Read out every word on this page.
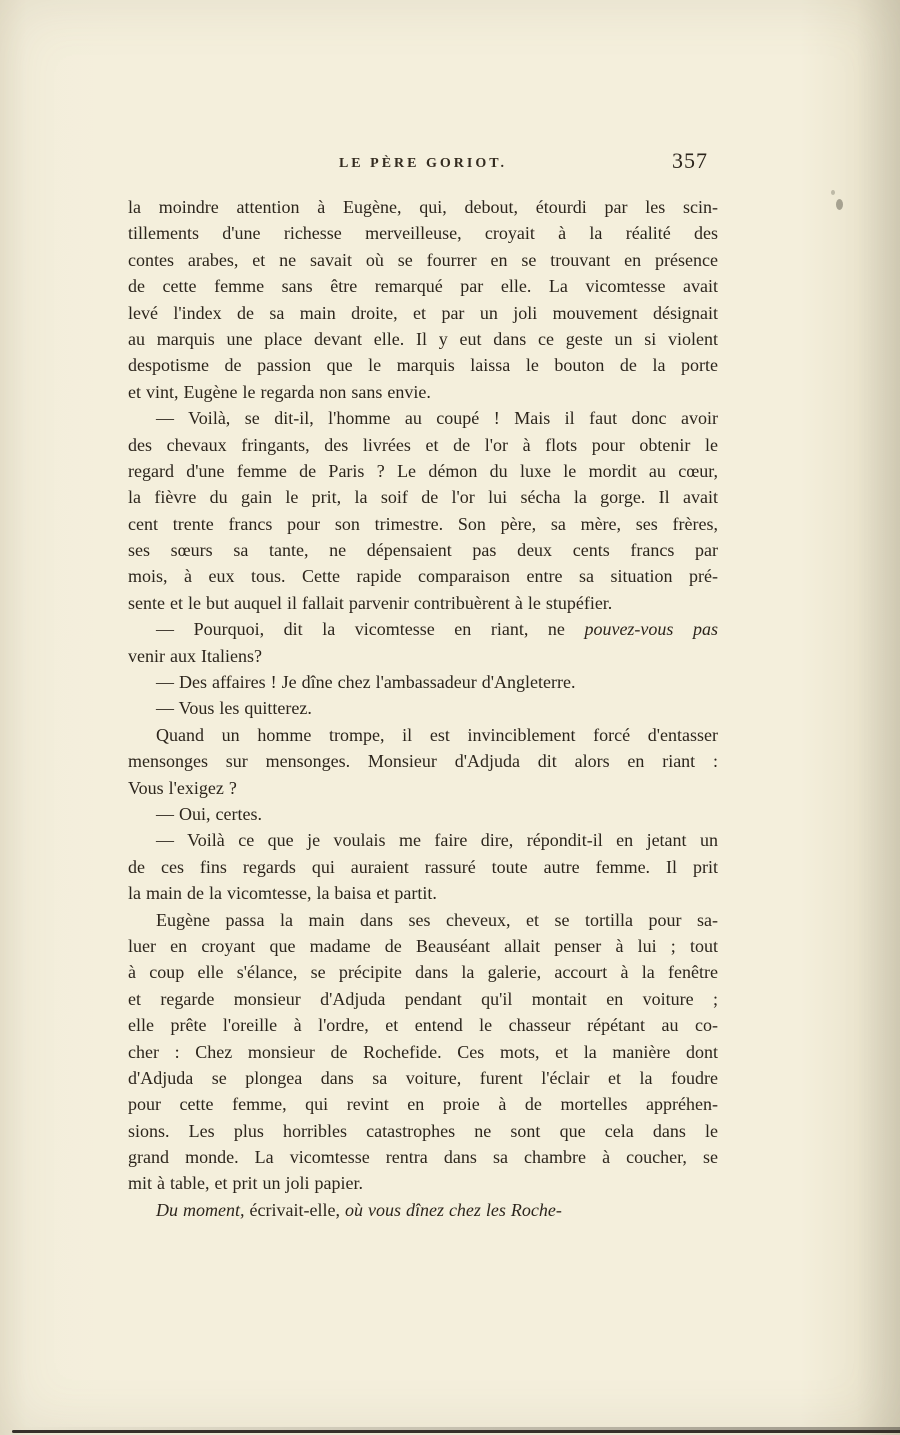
LE PÈRE GORIOT.	357
la moindre attention à Eugène, qui, debout, étourdi par les scin-
tillements d'une richesse merveilleuse, croyait à la réalité des
contes arabes, et ne savait où se fourrer en se trouvant en présence
de cette femme sans être remarqué par elle. La vicomtesse avait
levé l'index de sa main droite, et par un joli mouvement désignait
au marquis une place devant elle. Il y eut dans ce geste un si violent
despotisme de passion que le marquis laissa le bouton de la porte
et vint, Eugène le regarda non sans envie.
— Voilà, se dit-il, l'homme au coupé ! Mais il faut donc avoir
des chevaux fringants, des livrées et de l'or à flots pour obtenir le
regard d'une femme de Paris ? Le démon du luxe le mordit au cœur,
la fièvre du gain le prit, la soif de l'or lui sécha la gorge. Il avait
cent trente francs pour son trimestre. Son père, sa mère, ses frères,
ses sœurs sa tante, ne dépensaient pas deux cents francs par
mois, à eux tous. Cette rapide comparaison entre sa situation pré-
sente et le but auquel il fallait parvenir contribuèrent à le stupéfier.
— Pourquoi, dit la vicomtesse en riant, ne pouvez-vous pas
venir aux Italiens?
— Des affaires ! Je dîne chez l'ambassadeur d'Angleterre.
— Vous les quitterez.
Quand un homme trompe, il est invinciblement forcé d'entasser
mensonges sur mensonges. Monsieur d'Adjuda dit alors en riant :
Vous l'exigez ?
— Oui, certes.
— Voilà ce que je voulais me faire dire, répondit-il en jetant un
de ces fins regards qui auraient rassuré toute autre femme. Il prit
la main de la vicomtesse, la baisa et partit.
Eugène passa la main dans ses cheveux, et se tortilla pour sa-
luer en croyant que madame de Beauséant allait penser à lui ; tout
à coup elle s'élance, se précipite dans la galerie, accourt à la fenêtre
et regarde monsieur d'Adjuda pendant qu'il montait en voiture ;
elle prête l'oreille à l'ordre, et entend le chasseur répétant au co-
cher : Chez monsieur de Rochefide. Ces mots, et la manière dont
d'Adjuda se plongea dans sa voiture, furent l'éclair et la foudre
pour cette femme, qui revint en proie à de mortelles appréhen-
sions. Les plus horribles catastrophes ne sont que cela dans le
grand monde. La vicomtesse rentra dans sa chambre à coucher, se
mit à table, et prit un joli papier.
Du moment, écrivait-elle, où vous dînez chez les Roche-
